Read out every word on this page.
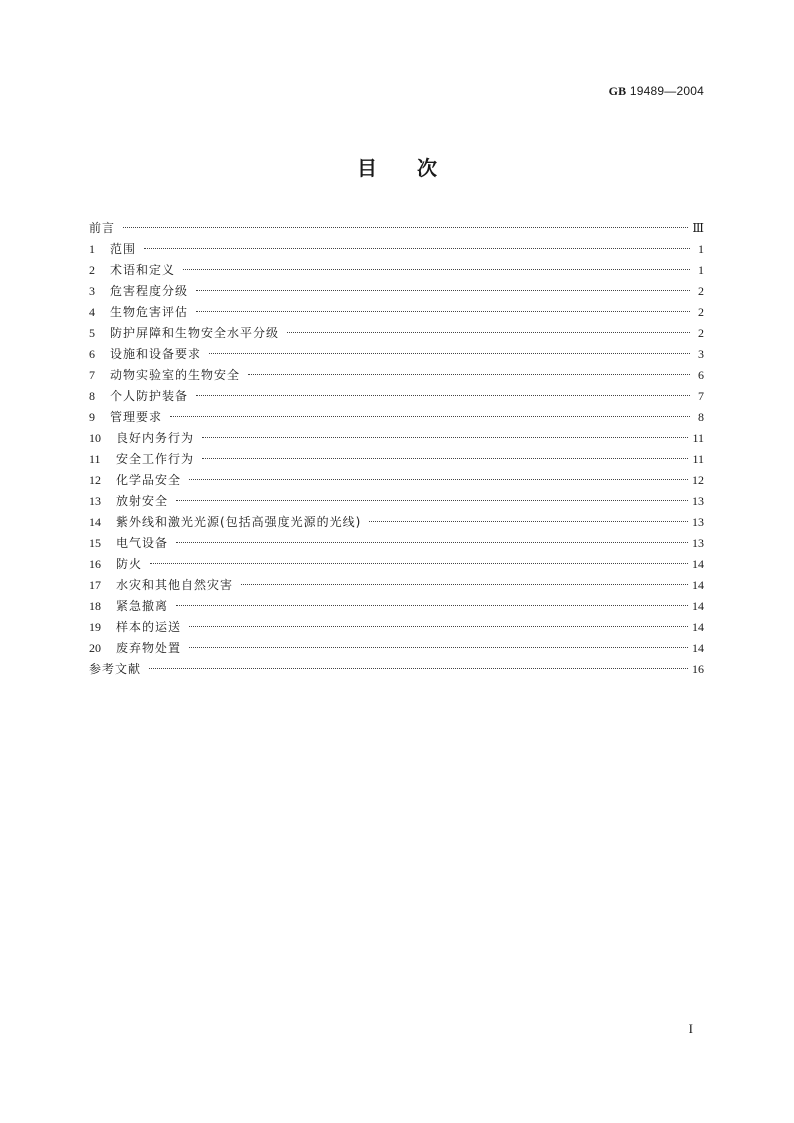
GB 19489—2004
目 次
前言	Ⅲ
1	范围	1
2	术语和定义	1
3	危害程度分级	2
4	生物危害评估	2
5	防护屏障和生物安全水平分级	2
6	设施和设备要求	3
7	动物实验室的生物安全	6
8	个人防护装备	7
9	管理要求	8
10	良好内务行为	11
11	安全工作行为	11
12	化学品安全	12
13	放射安全	13
14	紫外线和激光光源(包括高强度光源的光线)	13
15	电气设备	13
16	防火	14
17	水灾和其他自然灾害	14
18	紧急撤离	14
19	样本的运送	14
20	废弃物处置	14
参考文献	16
I
